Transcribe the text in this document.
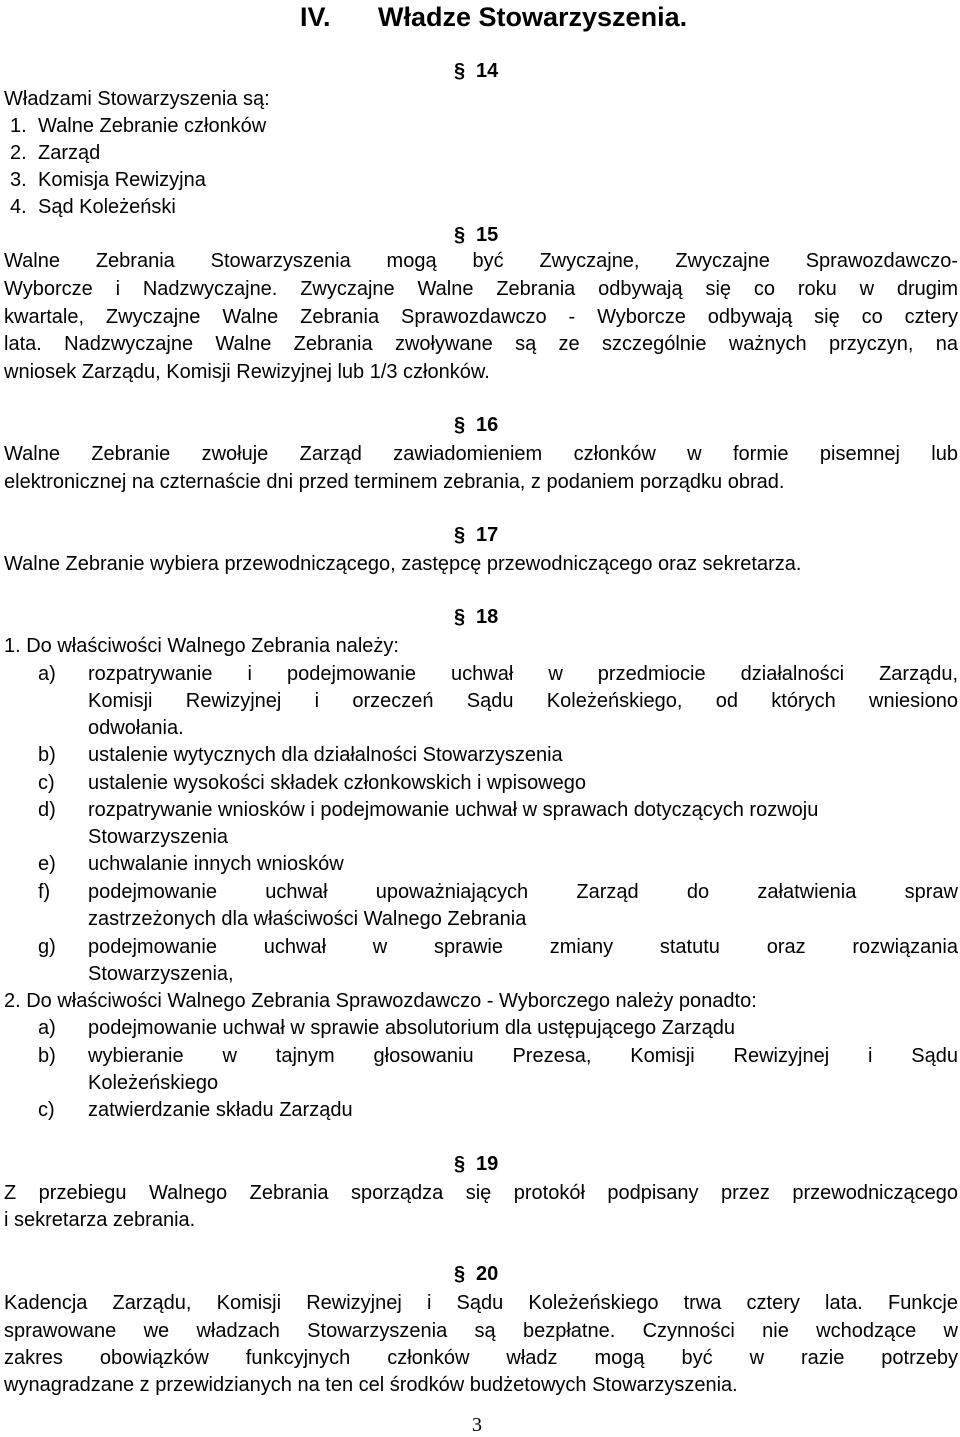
IV. Władze Stowarzyszenia.
§ 14
Władzami Stowarzyszenia są:
1. Walne Zebranie członków
2. Zarząd
3. Komisja Rewizyjna
4. Sąd Koleżeński
§ 15
Walne Zebrania Stowarzyszenia mogą być Zwyczajne, Zwyczajne Sprawozdawczo-
Wyborcze i Nadzwyczajne. Zwyczajne Walne Zebrania odbywają się co roku w drugim
kwartale, Zwyczajne Walne Zebrania Sprawozdawczo - Wyborcze odbywają się co cztery
lata. Nadzwyczajne Walne Zebrania zwoływane są ze szczególnie ważnych przyczyn, na
wniosek Zarządu, Komisji Rewizyjnej lub 1/3 członków.
§ 16
Walne Zebranie zwołuje Zarząd zawiadomieniem członków w formie pisemnej lub
elektronicznej na czternaście dni przed terminem zebrania, z podaniem porządku obrad.
§ 17
Walne Zebranie wybiera przewodniczącego, zastępcę przewodniczącego oraz sekretarza.
§ 18
1. Do właściwości Walnego Zebrania należy:
a) rozpatrywanie i podejmowanie uchwał w przedmiocie działalności Zarządu,
Komisji Rewizyjnej i orzeczeń Sądu Koleżeńskiego, od których wniesiono
odwołania.
b) ustalenie wytycznych dla działalności Stowarzyszenia
c) ustalenie wysokości składek członkowskich i wpisowego
d) rozpatrywanie wniosków i podejmowanie uchwał w sprawach dotyczących rozwoju
Stowarzyszenia
e) uchwalanie innych wniosków
f) podejmowanie uchwał upoważniających Zarząd do załatwienia spraw
zastrzeżonych dla właściwości Walnego Zebrania
g) podejmowanie uchwał w sprawie zmiany statutu oraz rozwiązania
Stowarzyszenia,
2. Do właściwości Walnego Zebrania Sprawozdawczo - Wyborczego należy ponadto:
a) podejmowanie uchwał w sprawie absolutorium dla ustępującego Zarządu
b) wybieranie w tajnym głosowaniu Prezesa, Komisji Rewizyjnej i Sądu
Koleżeńskiego
c) zatwierdzanie składu Zarządu
§ 19
Z przebiegu Walnego Zebrania sporządza się protokół podpisany przez przewodniczącego
i sekretarza zebrania.
§ 20
Kadencja Zarządu, Komisji Rewizyjnej i Sądu Koleżeńskiego trwa cztery lata. Funkcje
sprawowane we władzach Stowarzyszenia są bezpłatne. Czynności nie wchodzące w
zakres obowiązków funkcyjnych członków władz mogą być w razie potrzeby
wynagradzane z przewidzianych na ten cel środków budżetowych Stowarzyszenia.
3
